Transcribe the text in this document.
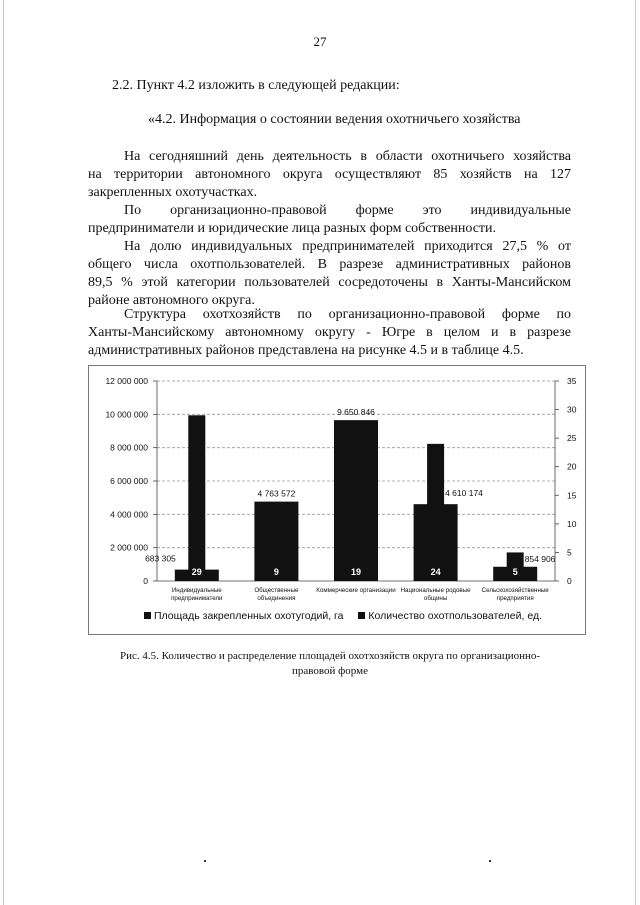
27

2.2. Пункт 4.2 изложить в следующей редакции:

«4.2. Информация о состоянии ведения охотничьего хозяйства

На сегодняшний день деятельность в области охотничьего хозяйства
на территории автономного округа осуществляют 85 хозяйств на 127
закрепленных охотучастках.

По организационно-правовой форме это индивидуальные
предприниматели и юридические лица разных форм собственности.

На долю индивидуальных предпринимателей приходится 27,5 % от
общего числа охотпользователей. В разрезе административных районов
89,5 % этой категории пользователей сосредоточены в Ханты-Мансийском
районе автономного округа.

Структура охотхозяйств по организационно-правовой форме по
Ханты-Мансийскому автономному округу - Югре в целом и в разрезе
административных районов представлена на рисунке 4.5 и в таблице 4.5.

0
2 000 000
4 000 000
6 000 000
8 000 000
10 000 000
12 000 000
0
5
10
15
20
25
30
35
29
683 305
Индивидуальные
предприниматели
9
4 763 572
Общественные
объединения
19
9 650 846
Коммерческие организации
24
4 610 174
Национальные родовые
общины
5
854 906
Сельскохозяйственные
предприятия
Площадь закрепленных охотугодий, га Количество охотпользователей, ед.
Рис. 4.5. Количество и распределение площадей охотхозяйств округа по организационно-
правовой форме
